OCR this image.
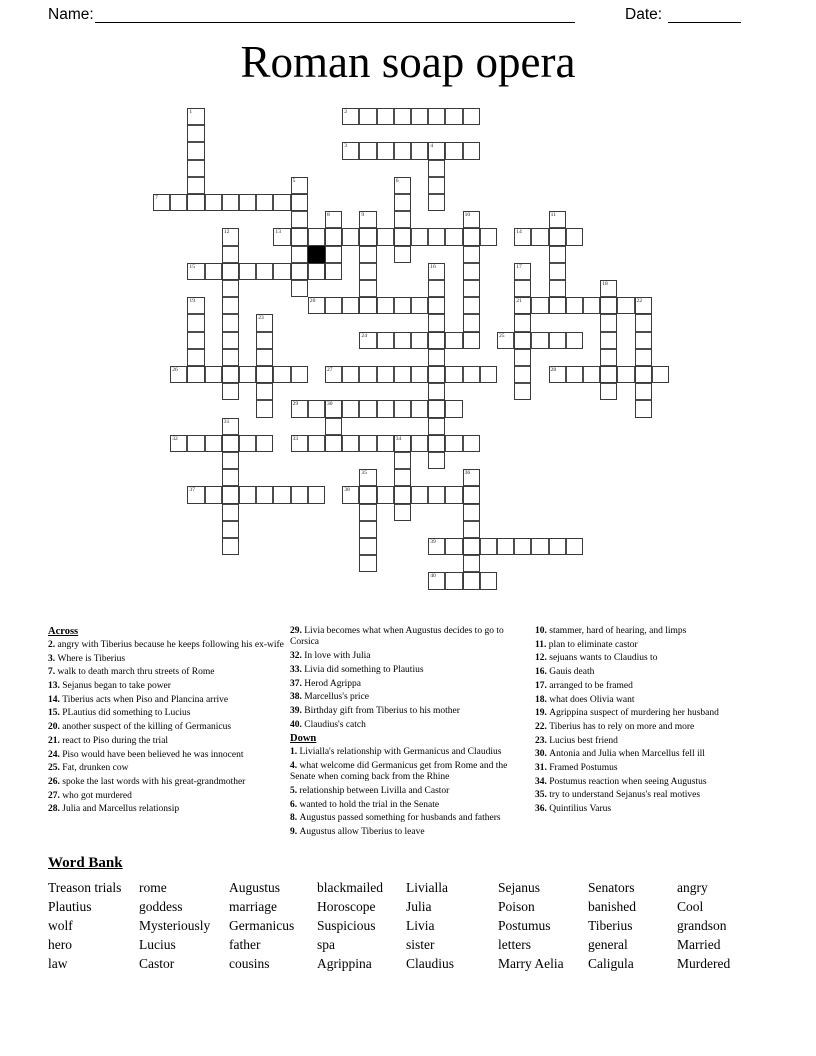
Name:	Date:
Roman soap opera
1	2
3	4
5	6
7
8	9	10	11
12	13	14
15	16	17
21
18
19	20	22
23
24	25
26	27	28
29	30
31
32	33	34
35	36
37	38
39
40
Across
2. angry with Tiberius because he keeps following his ex-wife
3. Where is Tiberius
7. walk to death march thru streets of Rome
13. Sejanus began to take power
14. Tiberius acts when Piso and Plancina arrive
15. PLautius did something to Lucius
20. another suspect of the killing of Germanicus
21. react to Piso during the trial
24. Piso would have been believed he was innocent
25. Fat, drunken cow
26. spoke the last words with his great-grandmother
27. who got murdered
28. Julia and Marcellus relationsip
29. Livia becomes what when Augustus decides to go to Corsica
32. In love with Julia
33. Livia did something to Plautius
37. Herod Agrippa
38. Marcellus's price
39. Birthday gift from Tiberius to his mother
40. Claudius's catch
Down
1. Livialla's relationship with Germanicus and Claudius
4. what welcome did Germanicus get from Rome and the Senate when coming back from the Rhine
5. relationship between Livilla and Castor
6. wanted to hold the trial in the Senate
8. Augustus passed something for husbands and fathers
9. Augustus allow Tiberius to leave
10. stammer, hard of hearing, and limps
11. plan to eliminate castor
12. sejuans wants to Claudius to
16. Gauis death
17. arranged to be framed
18. what does Olivia want
19. Agrippina suspect of murdering her husband
22. Tiberius has to rely on more and more
23. Lucius best friend
30. Antonia and Julia when Marcellus fell ill
31. Framed Postumus
34. Postumus reaction when seeing Augustus
35. try to understand Sejanus's real motives
36. Quintilius Varus
Word Bank
Treason trials
Plautius
wolf
hero
law
rome
goddess
Mysteriously
Lucius
Castor
Augustus
marriage
Germanicus
father
cousins
blackmailed
Horoscope
Suspicious
spa
Agrippina
Livialla
Julia
Livia
sister
Claudius
Sejanus
Poison
Postumus
letters
Marry Aelia
Senators
banished
Tiberius
general
Caligula
angry
Cool
grandson
Married
Murdered
